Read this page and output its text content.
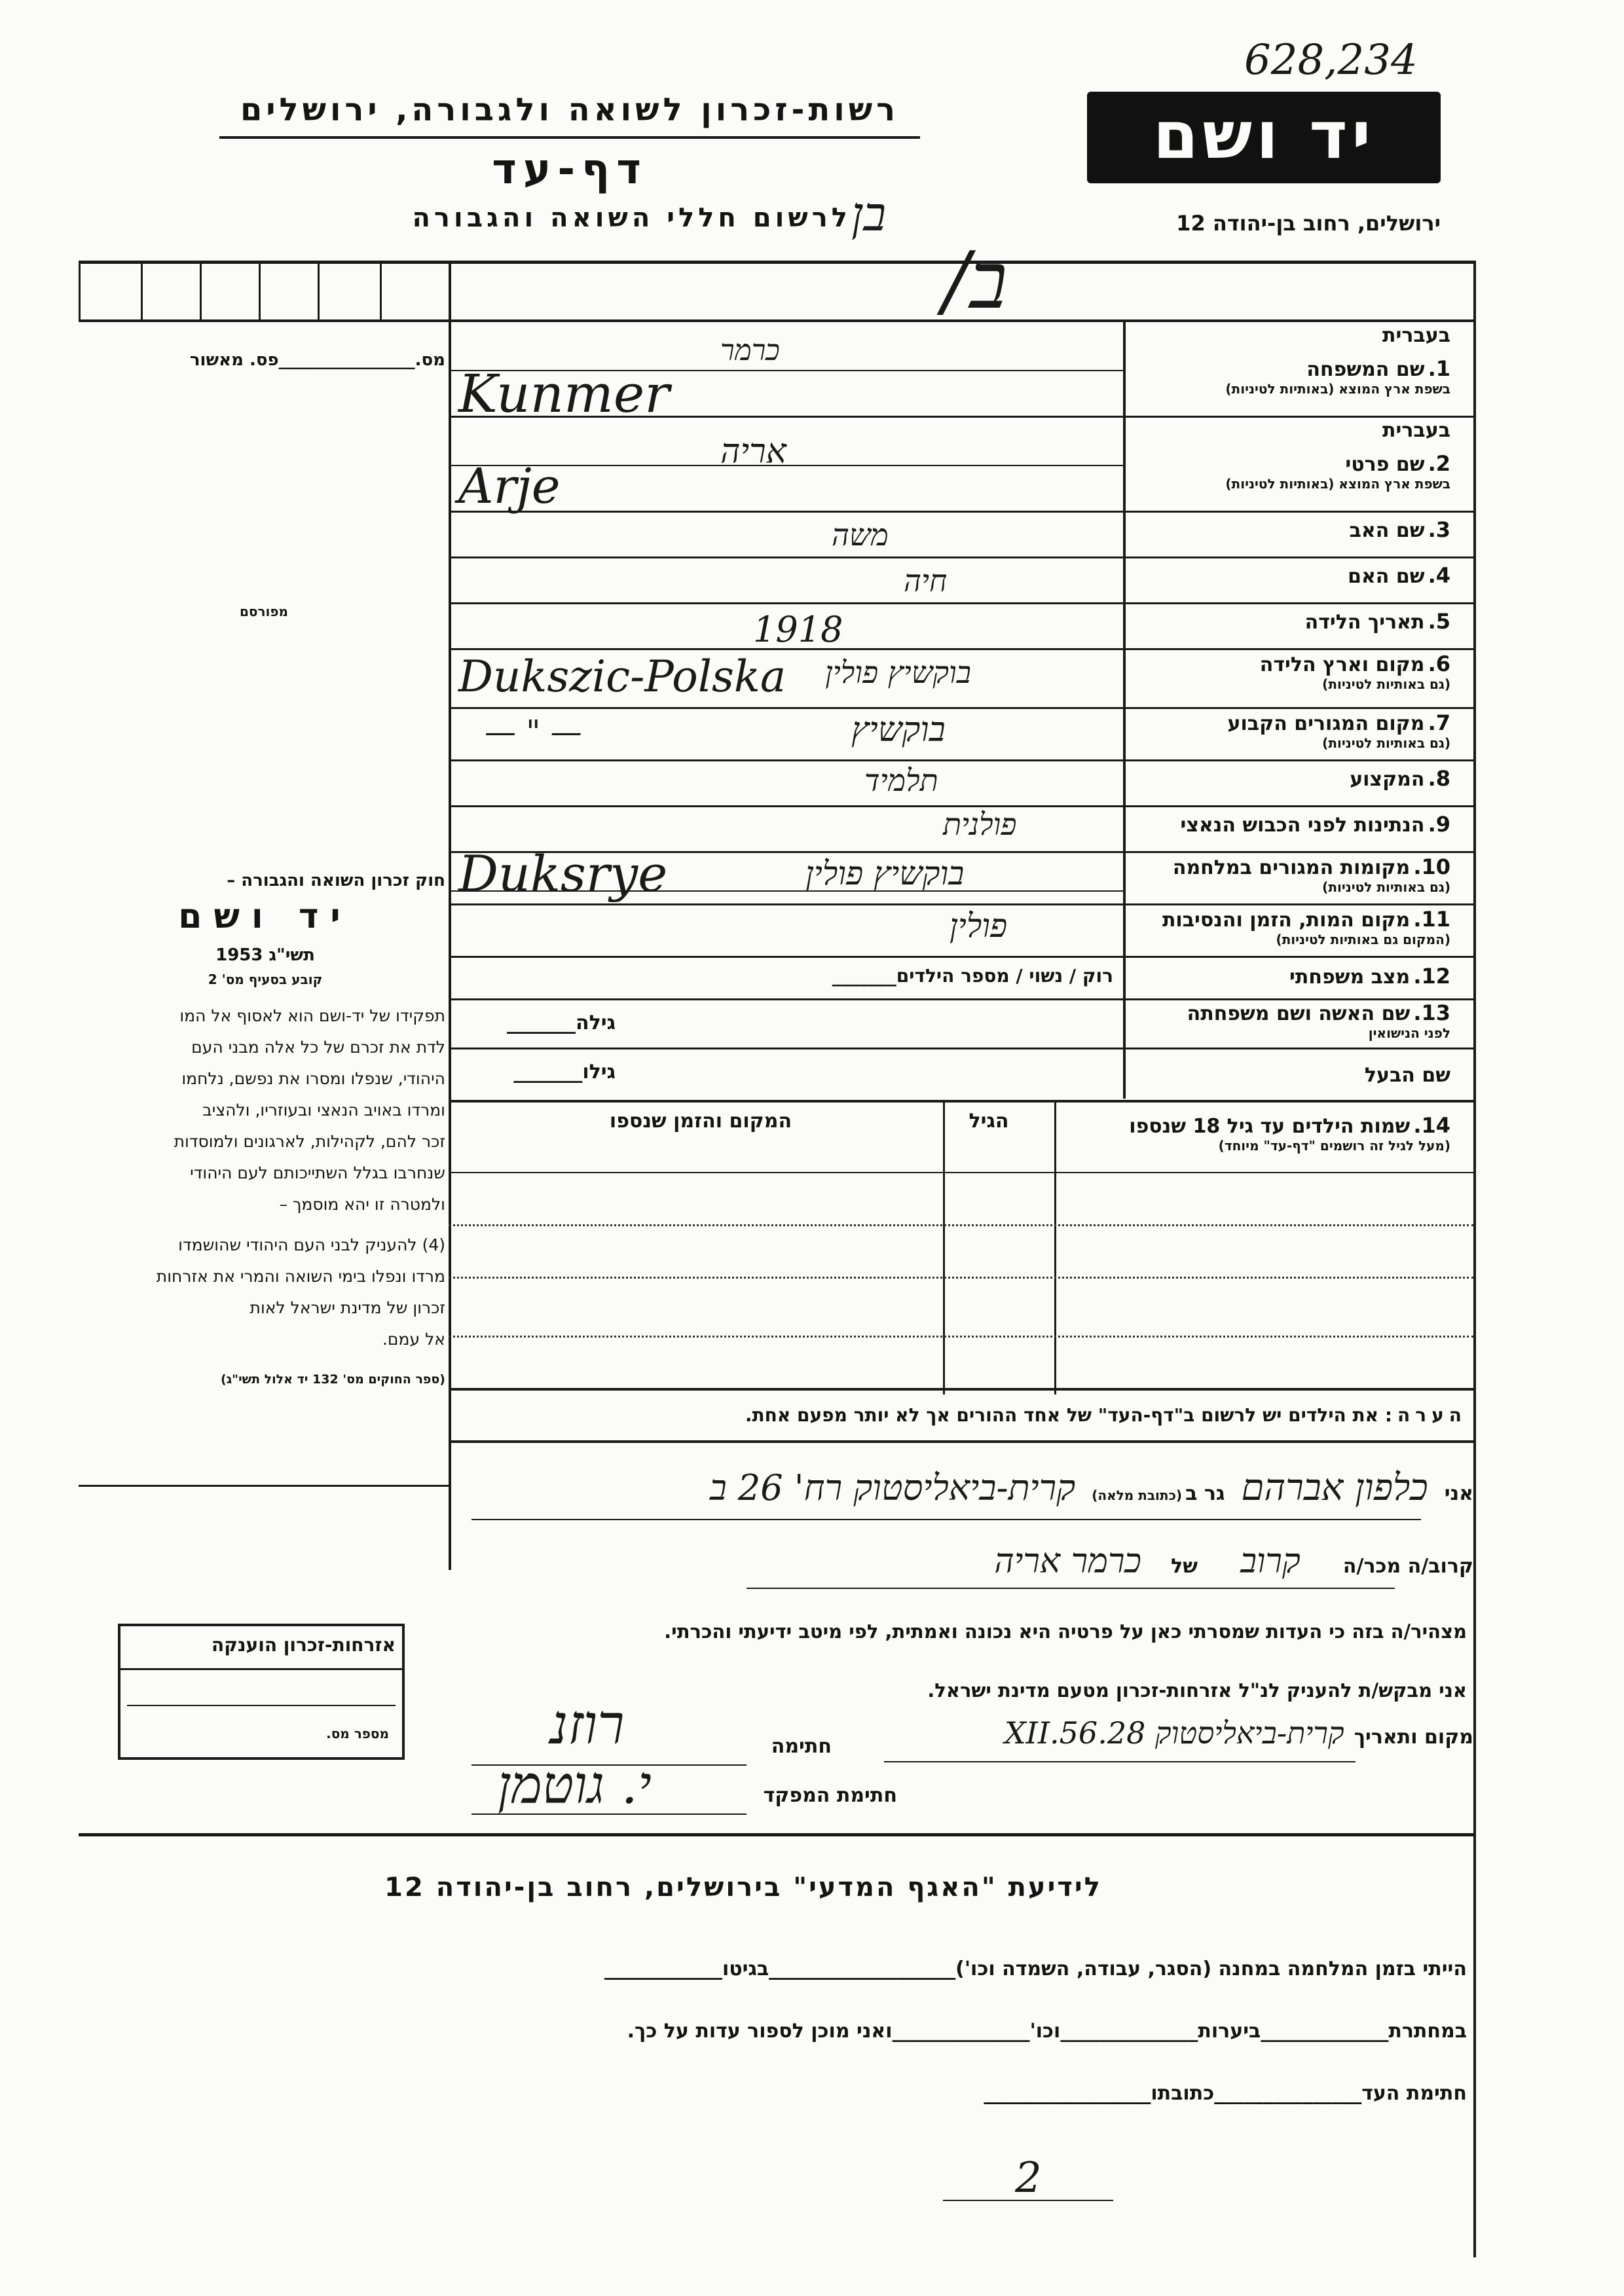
628,234
יד ושם
רשות-זכרון לשואה ולגבורה, ירושלים
דף-עד
לרשום חללי השואה והגבורה בן	ירושלים, רחוב בן-יהודה 12
/ב
מס.________________פס. מאשור
מפורסם
חוק זכרון השואה והגבורה –
יד ושם
תשי"ג 1953
קובע בסעיף מס' 2
תפקידו של יד-ושם הוא לאסוף אל המו
לדת את זכרם של כל אלה מבני העם
היהודי, שנפלו ומסרו את נפשם, נלחמו
ומרדו באויב הנאצי ובעוזריו, ולהציב
זכר להם, לקהילות, לארגונים ולמוסדות
שנחרבו בגלל השתייכותם לעם היהודי
ולמטרה זו יהא מוסמך –
(4) להעניק לבני העם היהודי שהושמדו
מרדו ונפלו בימי השואה והמרי את אזרחות
זכרון של מדינת ישראל לאות
אל עמם.
(ספר החוקים מס' 132 יד אלול תשי"ג)
אזרחות-זכרון הוענקה
מספר מס.
בעברית
1. שם המשפחה
בשפת ארץ המוצא (באותיות לטיניות)
כרמר
Kunmer
בעברית
2. שם פרטי
בשפת ארץ המוצא (באותיות לטיניות)
אריה
Arje
3. שם האב
משה
4. שם האם
חיה
5. תאריך הלידה
1918
6. מקום וארץ הלידה
(גם באותיות לטיניות)
Dukszic-Polska בוקשיץ פולין
7. מקום המגורים הקבוע
(גם באותיות לטיניות)
— " —	בוקשיץ
8. המקצוע
תלמיד
9. הנתינות לפני הכבוש הנאצי
פולנית
10. מקומות המגורים במלחמה
(גם באותיות לטיניות)
Duksrye	בוקשיץ פולין
11. מקום המות, הזמן והנסיבות
(המקום גם באותיות לטיניות)
פולין
12. מצב משפחתי
רוק / נשוי / מספר הילדים_______
13. שם האשה ושם משפחתה
לפני הנישואין
גילה_______
שם הבעל
גילו_______
14. שמות הילדים עד גיל 18 שנספו
(מעל לגיל זה רושמים "דף-עד" מיוחד)
הגיל
המקום והזמן שנספו
הערה: את הילדים יש לרשום ב"דף-העד" של אחד ההורים אך לא יותר מפעם אחת.
אני כלפון אברהם גר ב (כתובת מלאה) קרית-ביאליסטוק רח' 26 ב
קרוב/ה מכר/ה קרוב של כרמר אריה
מצהיר/ה בזה כי העדות שמסרתי כאן על פרטיה היא נכונה ואמתית, לפי מיטב ידיעתי והכרתי.
אני מבקש/ת להעניק לנ"ל אזרחות-זכרון מטעם מדינת ישראל.
מקום ותאריך קרית-ביאליסטוק 28.XII.56
חתימה
רוזנ
חתימת המפקד
י. גוטמן
לידיעת "האגף המדעי" בירושלים, רחוב בן-יהודה 12
הייתי בזמן המלחמה במחנה (הסגר, עבודה, השמדה וכו')___________________בגיטו____________
במחתרת_____________ביערות______________וכו'______________ואני מוכן לספור עדות על כך.
חתימת העד_______________כתובתו_________________
2
